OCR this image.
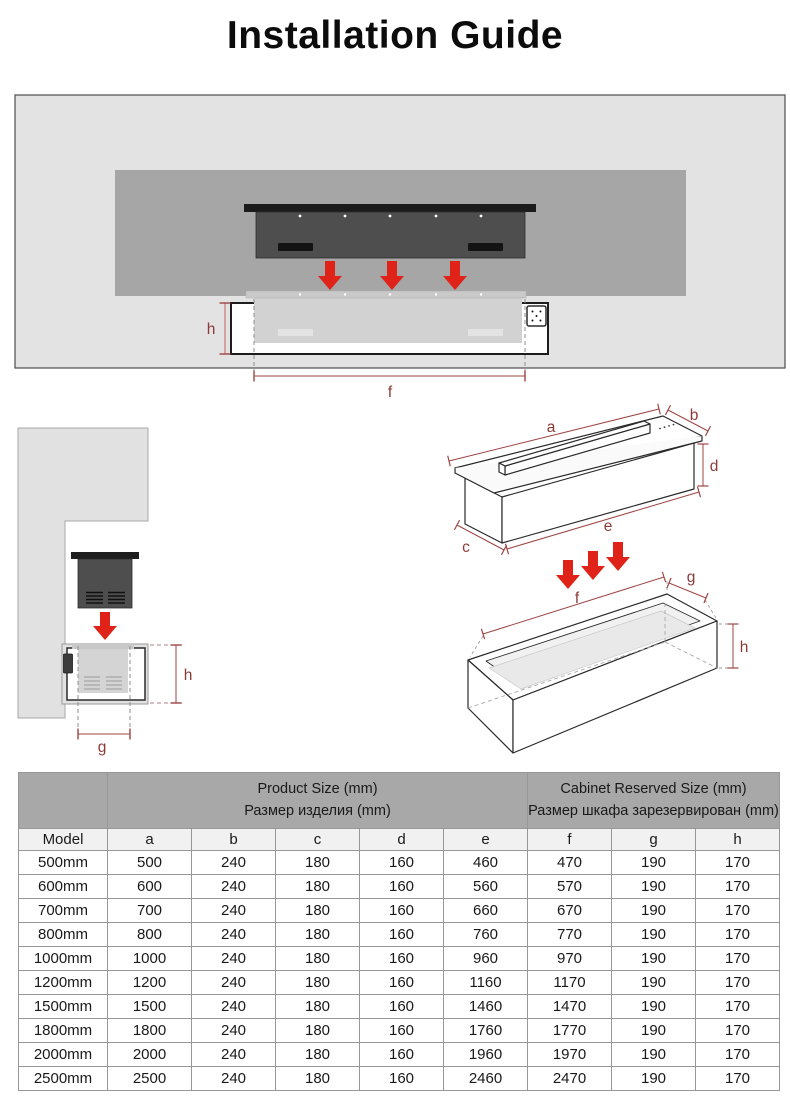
Installation Guide
h
f
g
h
a
b
d
e
c
f
g
h
	Product Size (mm)
Размер изделия (mm)					Cabinet Reserved Size (mm)
Размер шкафа зарезервирован (mm)		
Model	a	b	c	d	e	f	g	h
500mm	500	240	180	160	460	470	190	170
600mm	600	240	180	160	560	570	190	170
700mm	700	240	180	160	660	670	190	170
800mm	800	240	180	160	760	770	190	170
1000mm	1000	240	180	160	960	970	190	170
1200mm	1200	240	180	160	1160	1170	190	170
1500mm	1500	240	180	160	1460	1470	190	170
1800mm	1800	240	180	160	1760	1770	190	170
2000mm	2000	240	180	160	1960	1970	190	170
2500mm	2500	240	180	160	2460	2470	190	170
